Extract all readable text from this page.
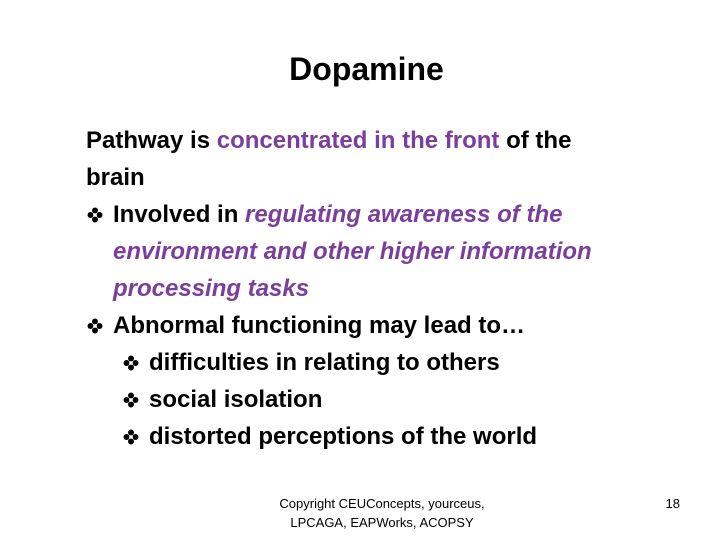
Dopamine
Pathway is concentrated in the front of the
brain
Involved in regulating awareness of the
environment and other higher information
processing tasks
Abnormal functioning may lead to…
difficulties in relating to others
social isolation
distorted perceptions of the world
Copyright CEUConcepts, yourceus,
LPCAGA, EAPWorks, ACOPSY
18
